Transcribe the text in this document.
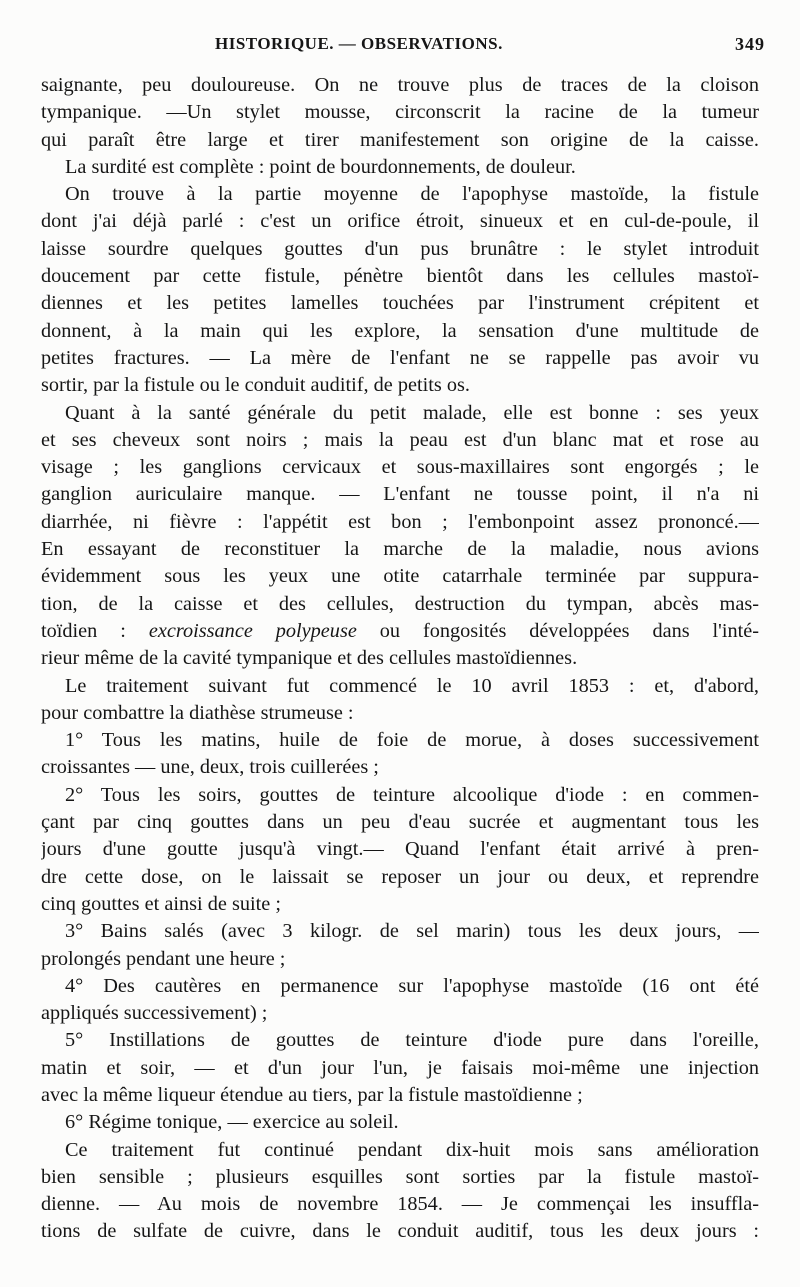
HISTORIQUE. — OBSERVATIONS.	349
saignante, peu douloureuse. On ne trouve plus de traces de la cloison
tympanique. —Un stylet mousse, circonscrit la racine de la tumeur
qui paraît être large et tirer manifestement son origine de la caisse.
La surdité est complète : point de bourdonnements, de douleur.
On trouve à la partie moyenne de l'apophyse mastoïde, la fistule
dont j'ai déjà parlé : c'est un orifice étroit, sinueux et en cul-de-poule, il
laisse sourdre quelques gouttes d'un pus brunâtre : le stylet introduit
doucement par cette fistule, pénètre bientôt dans les cellules mastoï-
diennes et les petites lamelles touchées par l'instrument crépitent et
donnent, à la main qui les explore, la sensation d'une multitude de
petites fractures. — La mère de l'enfant ne se rappelle pas avoir vu
sortir, par la fistule ou le conduit auditif, de petits os.
Quant à la santé générale du petit malade, elle est bonne : ses yeux
et ses cheveux sont noirs ; mais la peau est d'un blanc mat et rose au
visage ; les ganglions cervicaux et sous-maxillaires sont engorgés ; le
ganglion auriculaire manque. — L'enfant ne tousse point, il n'a ni
diarrhée, ni fièvre : l'appétit est bon ; l'embonpoint assez prononcé.—
En essayant de reconstituer la marche de la maladie, nous avions
évidemment sous les yeux une otite catarrhale terminée par suppura-
tion, de la caisse et des cellules, destruction du tympan, abcès mas-
toïdien : excroissance polypeuse ou fongosités développées dans l'inté-
rieur même de la cavité tympanique et des cellules mastoïdiennes.
Le traitement suivant fut commencé le 10 avril 1853 : et, d'abord,
pour combattre la diathèse strumeuse :
1° Tous les matins, huile de foie de morue, à doses successivement
croissantes — une, deux, trois cuillerées ;
2° Tous les soirs, gouttes de teinture alcoolique d'iode : en commen-
çant par cinq gouttes dans un peu d'eau sucrée et augmentant tous les
jours d'une goutte jusqu'à vingt.— Quand l'enfant était arrivé à pren-
dre cette dose, on le laissait se reposer un jour ou deux, et reprendre
cinq gouttes et ainsi de suite ;
3° Bains salés (avec 3 kilogr. de sel marin) tous les deux jours, —
prolongés pendant une heure ;
4° Des cautères en permanence sur l'apophyse mastoïde (16 ont été
appliqués successivement) ;
5° Instillations de gouttes de teinture d'iode pure dans l'oreille,
matin et soir, — et d'un jour l'un, je faisais moi-même une injection
avec la même liqueur étendue au tiers, par la fistule mastoïdienne ;
6° Régime tonique, — exercice au soleil.
Ce traitement fut continué pendant dix-huit mois sans amélioration
bien sensible ; plusieurs esquilles sont sorties par la fistule mastoï-
dienne. — Au mois de novembre 1854. — Je commençai les insuffla-
tions de sulfate de cuivre, dans le conduit auditif, tous les deux jours :
